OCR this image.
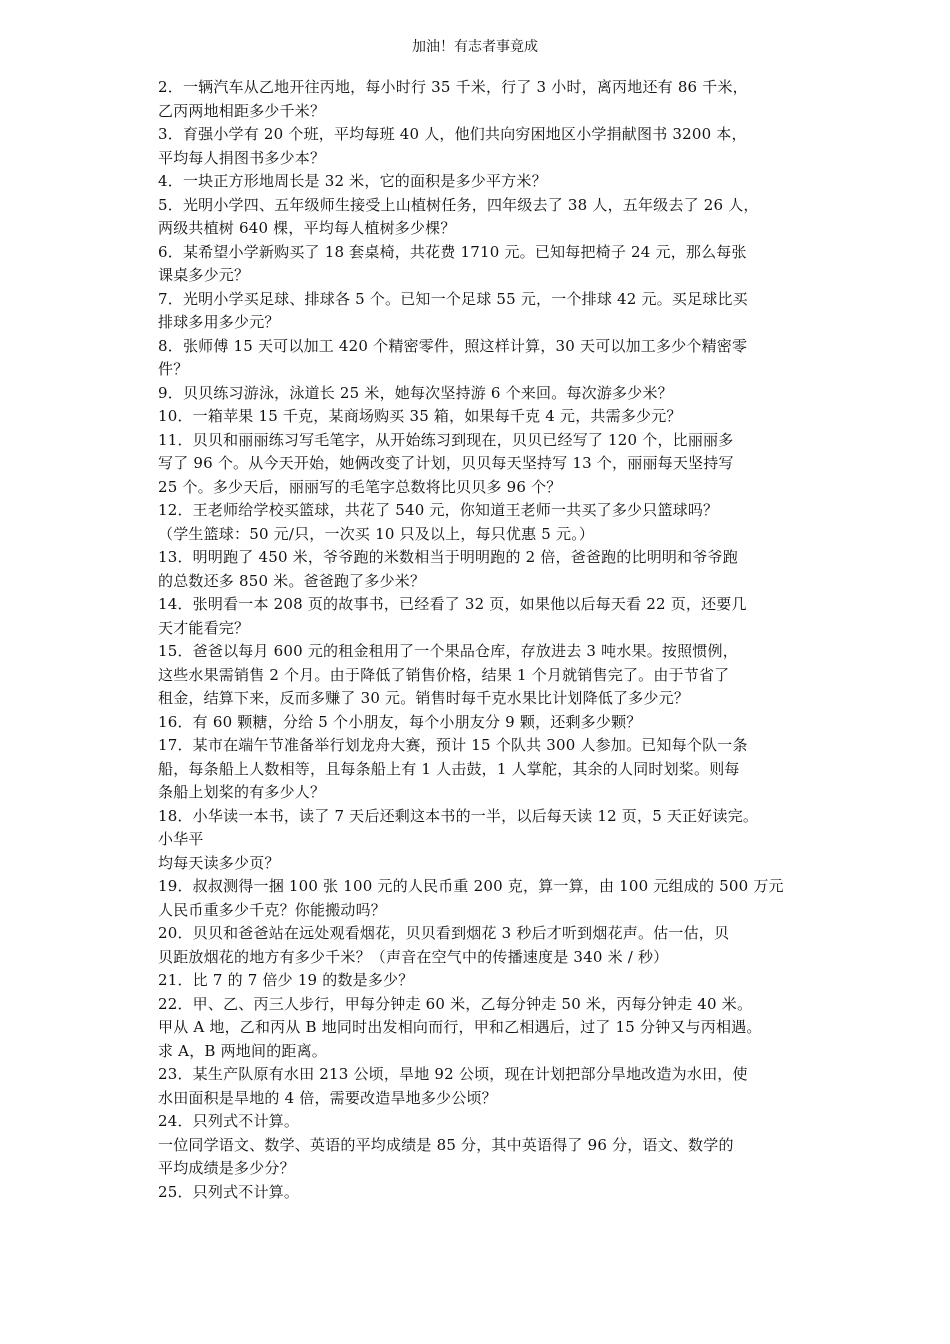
加油！有志者事竟成
2．一辆汽车从乙地开往丙地，每小时行 35 千米，行了 3 小时，离丙地还有 86 千米，
乙丙两地相距多少千米？
3．育强小学有 20 个班，平均每班 40 人，他们共向穷困地区小学捐献图书 3200 本，
平均每人捐图书多少本？
4．一块正方形地周长是 32 米，它的面积是多少平方米？
5．光明小学四、五年级师生接受上山植树任务，四年级去了 38 人，五年级去了 26 人，
两级共植树 640 棵，平均每人植树多少棵？
6．某希望小学新购买了 18 套桌椅，共花费 1710 元。已知每把椅子 24 元，那么每张
课桌多少元？
7．光明小学买足球、排球各 5 个。已知一个足球 55 元，一个排球 42 元。买足球比买
排球多用多少元？
8．张师傅 15 天可以加工 420 个精密零件，照这样计算，30 天可以加工多少个精密零
件？
9．贝贝练习游泳，泳道长 25 米，她每次坚持游 6 个来回。每次游多少米？
10．一箱苹果 15 千克，某商场购买 35 箱，如果每千克 4 元，共需多少元？
11．贝贝和丽丽练习写毛笔字，从开始练习到现在，贝贝已经写了 120 个，比丽丽多
写了 96 个。从今天开始，她俩改变了计划，贝贝每天坚持写 13 个，丽丽每天坚持写
25 个。多少天后，丽丽写的毛笔字总数将比贝贝多 96 个？
12．王老师给学校买篮球，共花了 540 元，你知道王老师一共买了多少只篮球吗？
（学生篮球：50 元/只，一次买 10 只及以上，每只优惠 5 元。）
13．明明跑了 450 米，爷爷跑的米数相当于明明跑的 2 倍，爸爸跑的比明明和爷爷跑
的总数还多 850 米。爸爸跑了多少米？
14．张明看一本 208 页的故事书，已经看了 32 页，如果他以后每天看 22 页，还要几
天才能看完？
15．爸爸以每月 600 元的租金租用了一个果品仓库，存放进去 3 吨水果。按照惯例，
这些水果需销售 2 个月。由于降低了销售价格，结果 1 个月就销售完了。由于节省了
租金，结算下来，反而多赚了 30 元。销售时每千克水果比计划降低了多少元？
16．有 60 颗糖，分给 5 个小朋友，每个小朋友分 9 颗，还剩多少颗？
17．某市在端午节准备举行划龙舟大赛，预计 15 个队共 300 人参加。已知每个队一条
船，每条船上人数相等，且每条船上有 1 人击鼓，1 人掌舵，其余的人同时划桨。则每
条船上划桨的有多少人？
18．小华读一本书，读了 7 天后还剩这本书的一半，以后每天读 12 页，5 天正好读完。
小华平
均每天读多少页？
19．叔叔测得一捆 100 张 100 元的人民币重 200 克，算一算，由 100 元组成的 500 万元
人民币重多少千克？你能搬动吗？
20．贝贝和爸爸站在远处观看烟花，贝贝看到烟花 3 秒后才听到烟花声。估一估，贝
贝距放烟花的地方有多少千米？（声音在空气中的传播速度是 340 米 / 秒）
21．比 7 的 7 倍少 19 的数是多少？
22．甲、乙、丙三人步行，甲每分钟走 60 米，乙每分钟走 50 米，丙每分钟走 40 米。
甲从 A 地，乙和丙从 B 地同时出发相向而行，甲和乙相遇后，过了 15 分钟又与丙相遇。
求 A，B 两地间的距离。
23．某生产队原有水田 213 公顷，旱地 92 公顷，现在计划把部分旱地改造为水田，使
水田面积是旱地的 4 倍，需要改造旱地多少公顷？
24．只列式不计算。
一位同学语文、数学、英语的平均成绩是 85 分，其中英语得了 96 分，语文、数学的
平均成绩是多少分？
25．只列式不计算。
